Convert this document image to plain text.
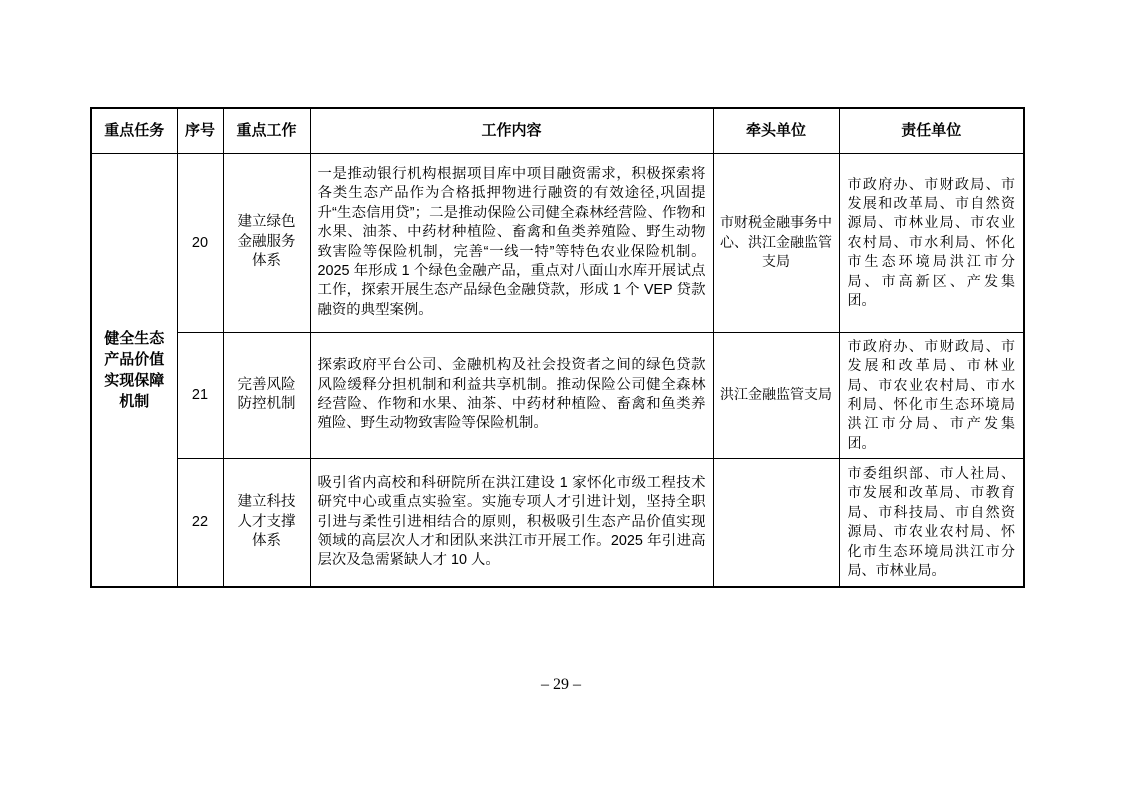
重点任务	序号	重点工作	工作内容	牵头单位	责任单位
健全生态产品价值实现保障机制	20	建立绿色金融服务体系	一是推动银行机构根据项目库中项目融资需求，积极探索将各类生态产品作为合格抵押物进行融资的有效途径,巩固提升“生态信用贷”；二是推动保险公司健全森林经营险、作物和水果、油茶、中药材种植险、畜禽和鱼类养殖险、野生动物致害险等保险机制，完善“一线一特”等特色农业保险机制。2025 年形成 1 个绿色金融产品，重点对八面山水库开展试点工作，探索开展生态产品绿色金融贷款，形成 1 个 VEP 贷款融资的典型案例。	市财税金融事务中心、洪江金融监管支局	市政府办、市财政局、市发展和改革局、市自然资源局、市林业局、市农业农村局、市水利局、怀化市生态环境局洪江市分局、市高新区、产发集团。
	21	完善风险防控机制	探索政府平台公司、金融机构及社会投资者之间的绿色贷款风险缓释分担机制和利益共享机制。推动保险公司健全森林经营险、作物和水果、油茶、中药材种植险、畜禽和鱼类养殖险、野生动物致害险等保险机制。	洪江金融监管支局	市政府办、市财政局、市发展和改革局、市林业局、市农业农村局、市水利局、怀化市生态环境局洪江市分局、市产发集团。
	22	建立科技人才支撑体系	吸引省内高校和科研院所在洪江建设 1 家怀化市级工程技术研究中心或重点实验室。实施专项人才引进计划，坚持全职引进与柔性引进相结合的原则，积极吸引生态产品价值实现领域的高层次人才和团队来洪江市开展工作。2025 年引进高层次及急需紧缺人才 10 人。		市委组织部、市人社局、市发展和改革局、市教育局、市科技局、市自然资源局、市农业农村局、怀化市生态环境局洪江市分局、市林业局。
– 29 –
